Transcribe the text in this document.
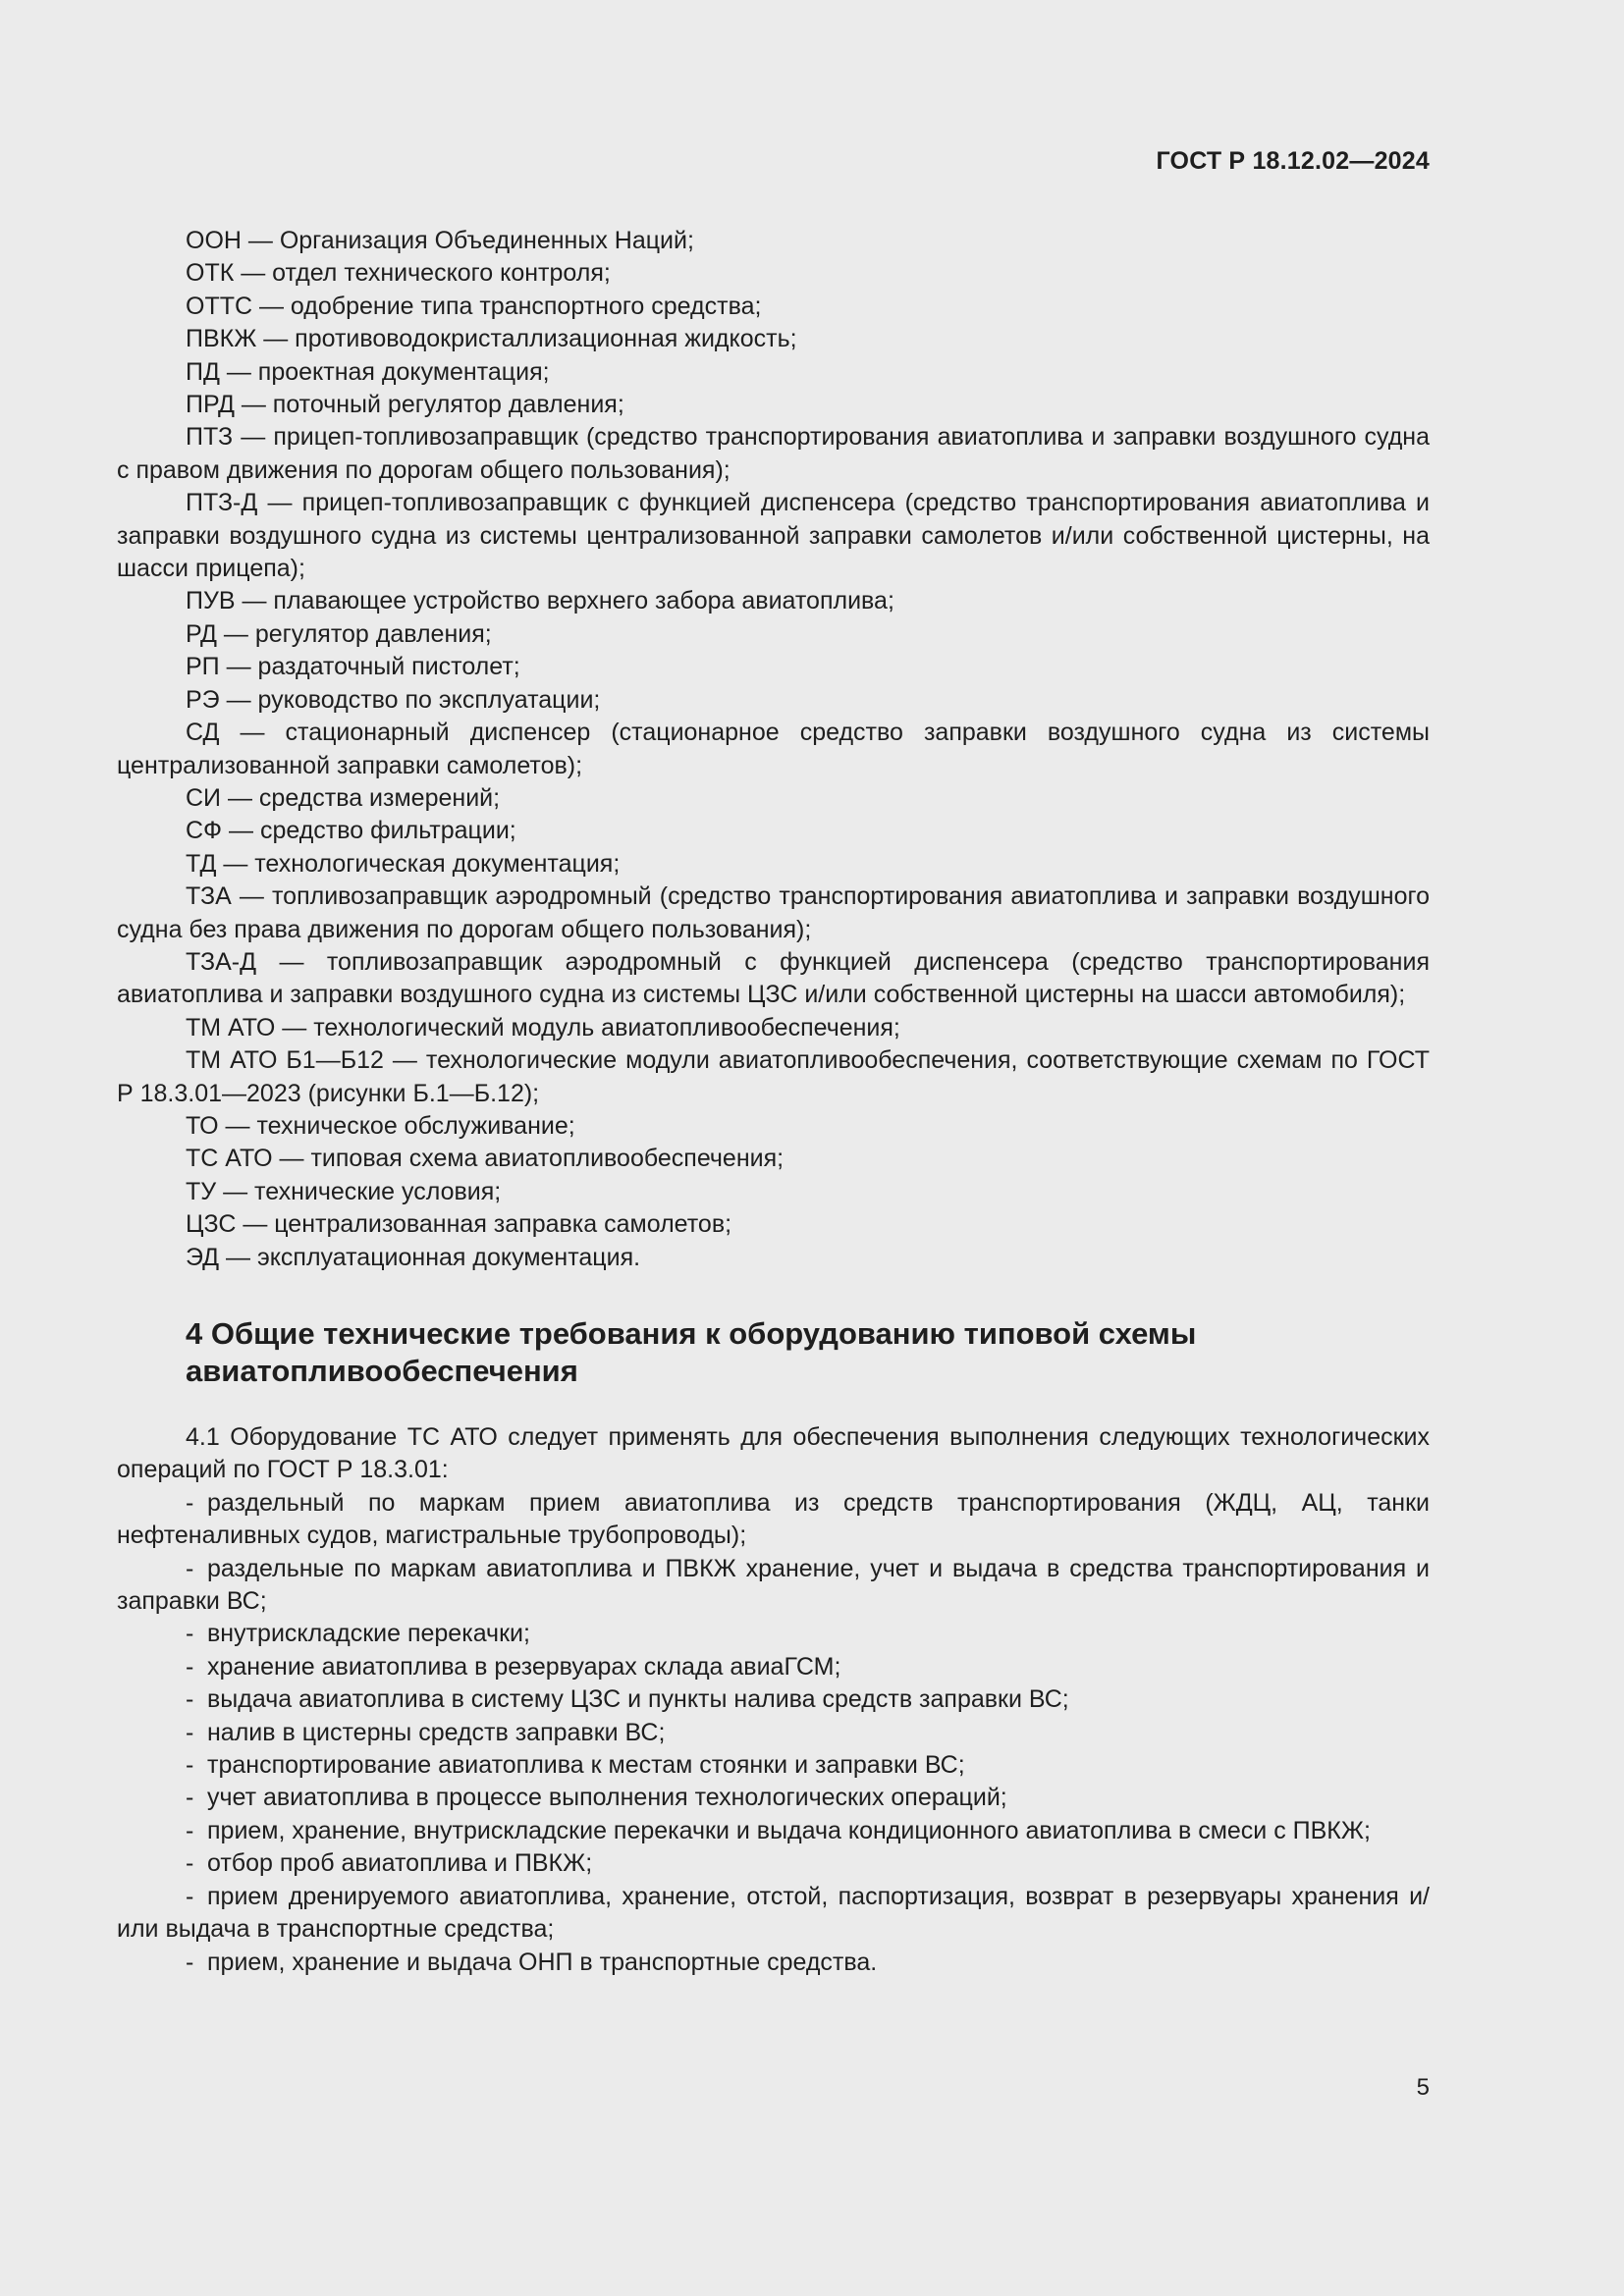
ГОСТ Р 18.12.02—2024

ООН — Организация Объединенных Наций;

ОТК — отдел технического контроля;

ОТТС — одобрение типа транспортного средства;

ПВКЖ — противоводокристаллизационная жидкость;

ПД — проектная документация;

ПРД — поточный регулятор давления;

ПТЗ — прицеп-топливозаправщик (средство транспортирования авиатоплива и заправки воздушного судна с правом движения по дорогам общего пользования);

ПТЗ-Д — прицеп-топливозаправщик с функцией диспенсера (средство транспортирования авиатоплива и заправки воздушного судна из системы централизованной заправки самолетов и/или собственной цистерны, на шасси прицепа);

ПУВ — плавающее устройство верхнего забора авиатоплива;

РД — регулятор давления;

РП — раздаточный пистолет;

РЭ — руководство по эксплуатации;

СД — стационарный диспенсер (стационарное средство заправки воздушного судна из системы централизованной заправки самолетов);

СИ — средства измерений;

СФ — средство фильтрации;

ТД — технологическая документация;

ТЗА — топливозаправщик аэродромный (средство транспортирования авиатоплива и заправки воздушного судна без права движения по дорогам общего пользования);

ТЗА-Д — топливозаправщик аэродромный с функцией диспенсера (средство транспортирования авиатоплива и заправки воздушного судна из системы ЦЗС и/или собственной цистерны на шасси автомобиля);

ТМ АТО — технологический модуль авиатопливообеспечения;

ТМ АТО Б1—Б12 — технологические модули авиатопливообеспечения, соответствующие схемам по ГОСТ Р 18.3.01—2023 (рисунки Б.1—Б.12);

ТО — техническое обслуживание;

ТС АТО — типовая схема авиатопливообеспечения;

ТУ — технические условия;

ЦЗС — централизованная заправка самолетов;

ЭД — эксплуатационная документация.

4 Общие технические требования к оборудованию типовой схемы авиатопливообеспечения

4.1 Оборудование ТС АТО следует применять для обеспечения выполнения следующих технологических операций по ГОСТ Р 18.3.01:

- раздельный по маркам прием авиатоплива из средств транспортирования (ЖДЦ, АЦ, танки нефтеналивных судов, магистральные трубопроводы);

- раздельные по маркам авиатоплива и ПВКЖ хранение, учет и выдача в средства транспортирования и заправки ВС;

- внутрискладские перекачки;

- хранение авиатоплива в резервуарах склада авиаГСМ;

- выдача авиатоплива в систему ЦЗС и пункты налива средств заправки ВС;

- налив в цистерны средств заправки ВС;

- транспортирование авиатоплива к местам стоянки и заправки ВС;

- учет авиатоплива в процессе выполнения технологических операций;

- прием, хранение, внутрискладские перекачки и выдача кондиционного авиатоплива в смеси с ПВКЖ;

- отбор проб авиатоплива и ПВКЖ;

- прием дренируемого авиатоплива, хранение, отстой, паспортизация, возврат в резервуары хранения и/или выдача в транспортные средства;

- прием, хранение и выдача ОНП в транспортные средства.

5
